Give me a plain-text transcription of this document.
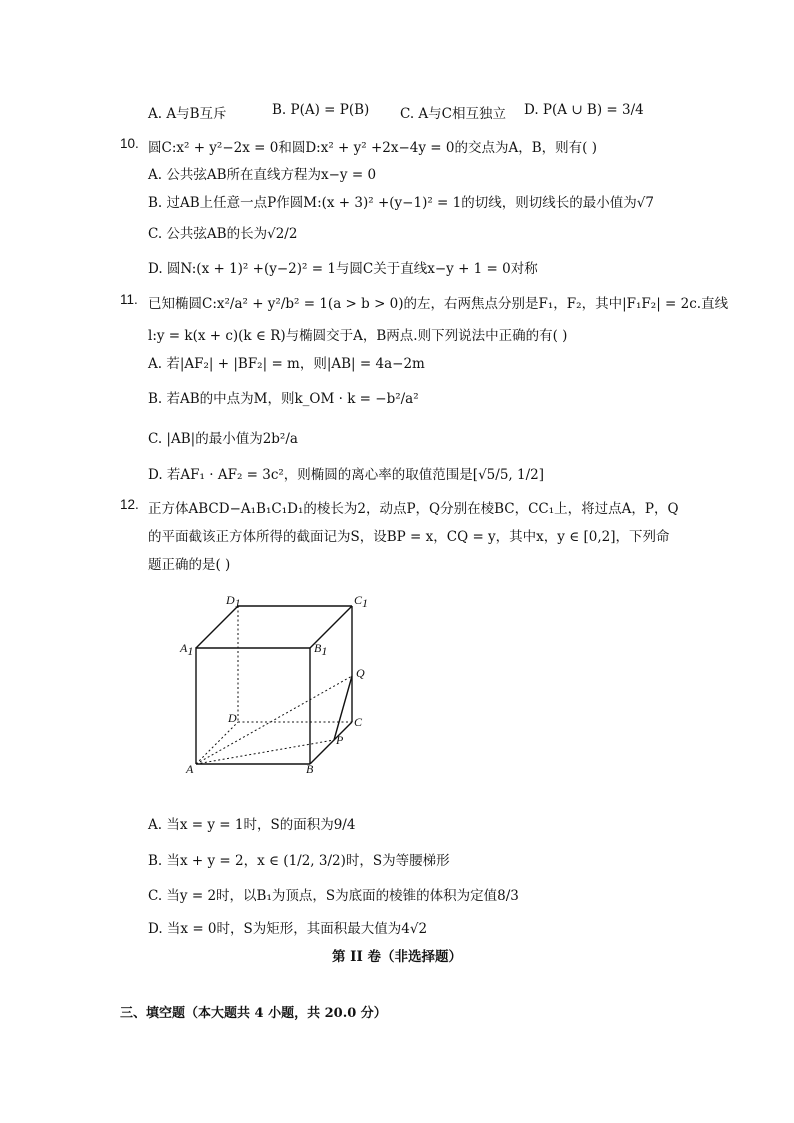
A. A与B互斥	B. P(A) = P(B) C. A与C相互独立 D. P(A ∪ B) = 3/4
10. 圆C:x² + y²−2x = 0和圆D:x² + y² +2x−4y = 0的交点为A，B，则有( )
A. 公共弦AB所在直线方程为x−y = 0
B. 过AB上任意一点P作圆M:(x + 3)² +(y−1)² = 1的切线，则切线长的最小值为√7
C. 公共弦AB的长为√2/2
D. 圆N:(x + 1)² +(y−2)² = 1与圆C关于直线x−y + 1 = 0对称
11. 已知椭圆C:x²/a² + y²/b² = 1(a > b > 0)的左，右两焦点分别是F₁，F₂，其中|F₁F₂| = 2c.直线
l:y = k(x + c)(k ∈ R)与椭圆交于A，B两点.则下列说法中正确的有( )
A. 若|AF₂| + |BF₂| = m，则|AB| = 4a−2m
B. 若AB的中点为M，则k_OM · k = −b²/a²
C. |AB|的最小值为2b²/a
D. 若AF₁ · AF₂ = 3c²，则椭圆的离心率的取值范围是[√5/5, 1/2]
12. 正方体ABCD−A₁B₁C₁D₁的棱长为2，动点P，Q分别在棱BC，CC₁上，将过点A，P，Q
的平面截该正方体所得的截面记为S，设BP = x，CQ = y，其中x，y ∈ [0,2]，下列命
题正确的是( )
D1	C1
A1	B1
D	C
A	B
P
Q
A. 当x = y = 1时，S的面积为9/4
B. 当x + y = 2，x ∈ (1/2, 3/2)时，S为等腰梯形
C. 当y = 2时，以B₁为顶点，S为底面的棱锥的体积为定值8/3
D. 当x = 0时，S为矩形，其面积最大值为4√2
第 II 卷（非选择题）
三、填空题（本大题共 4 小题，共 20.0 分）
